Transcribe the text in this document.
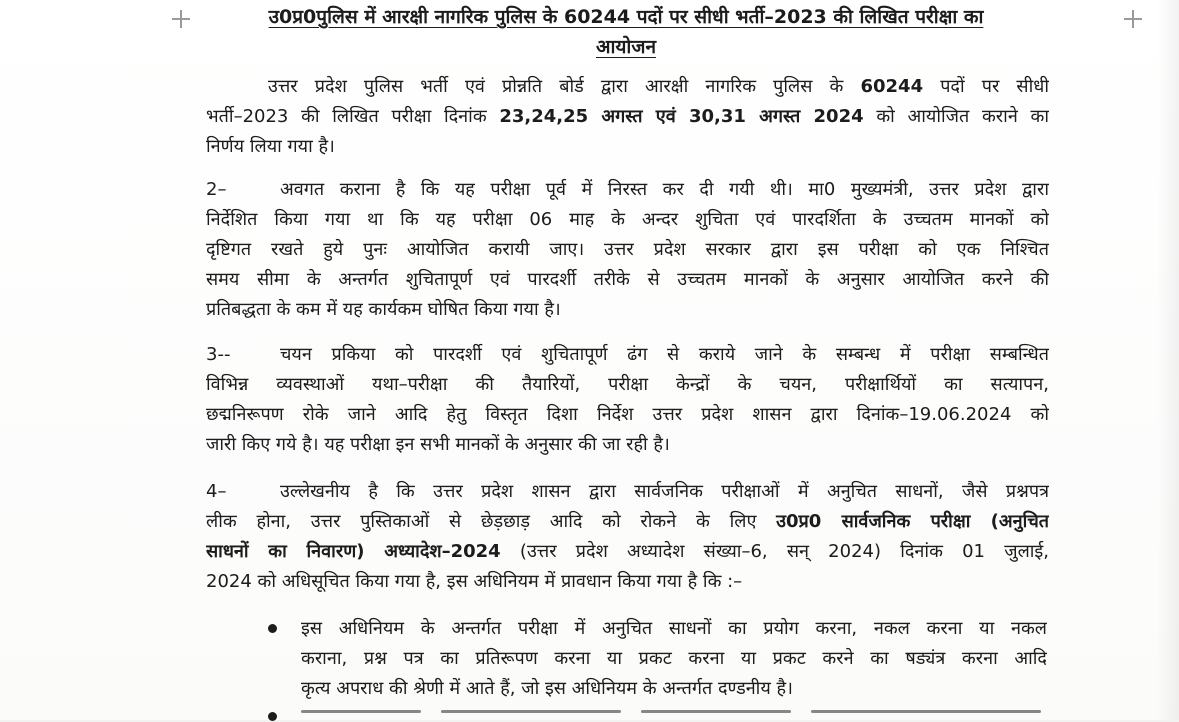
उ0प्र0पुलिस में आरक्षी नागरिक पुलिस के 60244 पदों पर सीधी भर्ती–2023 की लिखित परीक्षा का
आयोजन
उत्तर प्रदेश पुलिस भर्ती एवं प्रोन्नति बोर्ड द्वारा आरक्षी नागरिक पुलिस के 60244 पदों पर सीधी
भर्ती–2023 की लिखित परीक्षा दिनांक 23,24,25 अगस्त एवं 30,31 अगस्त 2024 को आयोजित कराने का
निर्णय लिया गया है।
2–	अवगत कराना है कि यह परीक्षा पूर्व में निरस्त कर दी गयी थी। मा0 मुख्यमंत्री, उत्तर प्रदेश द्वारा
निर्देशित किया गया था कि यह परीक्षा 06 माह के अन्दर शुचिता एवं पारदर्शिता के उच्चतम मानकों को
दृष्टिगत रखते हुये पुनः आयोजित करायी जाए। उत्तर प्रदेश सरकार द्वारा इस परीक्षा को एक निश्चित
समय सीमा के अन्तर्गत शुचितापूर्ण एवं पारदर्शी तरीके से उच्चतम मानकों के अनुसार आयोजित करने की
प्रतिबद्धता के कम में यह कार्यकम घोषित किया गया है।
3--	चयन प्रकिया को पारदर्शी एवं शुचितापूर्ण ढंग से कराये जाने के सम्बन्ध में परीक्षा सम्बन्धित
विभिन्न व्यवस्थाओं यथा–परीक्षा की तैयारियों, परीक्षा केन्द्रों के चयन, परीक्षार्थियों का सत्यापन,
छद्मनिरूपण रोके जाने आदि हेतु विस्तृत दिशा निर्देश उत्तर प्रदेश शासन द्वारा दिनांक–19.06.2024 को
जारी किए गये है। यह परीक्षा इन सभी मानकों के अनुसार की जा रही है।
4–	उल्लेखनीय है कि उत्तर प्रदेश शासन द्वारा सार्वजनिक परीक्षाओं में अनुचित साधनों, जैसे प्रश्नपत्र
लीक होना, उत्तर पुस्तिकाओं से छेड़छाड़ आदि को रोकने के लिए उ0प्र0 सार्वजनिक परीक्षा (अनुचित
साधनों का निवारण) अध्यादेश–2024 (उत्तर प्रदेश अध्यादेश संख्या–6, सन् 2024) दिनांक 01 जुलाई,
2024 को अधिसूचित किया गया है, इस अधिनियम में प्रावधान किया गया है कि :–
इस अधिनियम के अन्तर्गत परीक्षा में अनुचित साधनों का प्रयोग करना, नकल करना या नकल
कराना, प्रश्न पत्र का प्रतिरूपण करना या प्रकट करना या प्रकट करने का षड्यंत्र करना आदि
कृत्य अपराध की श्रेणी में आते हैं, जो इस अधिनियम के अन्तर्गत दण्डनीय है।
